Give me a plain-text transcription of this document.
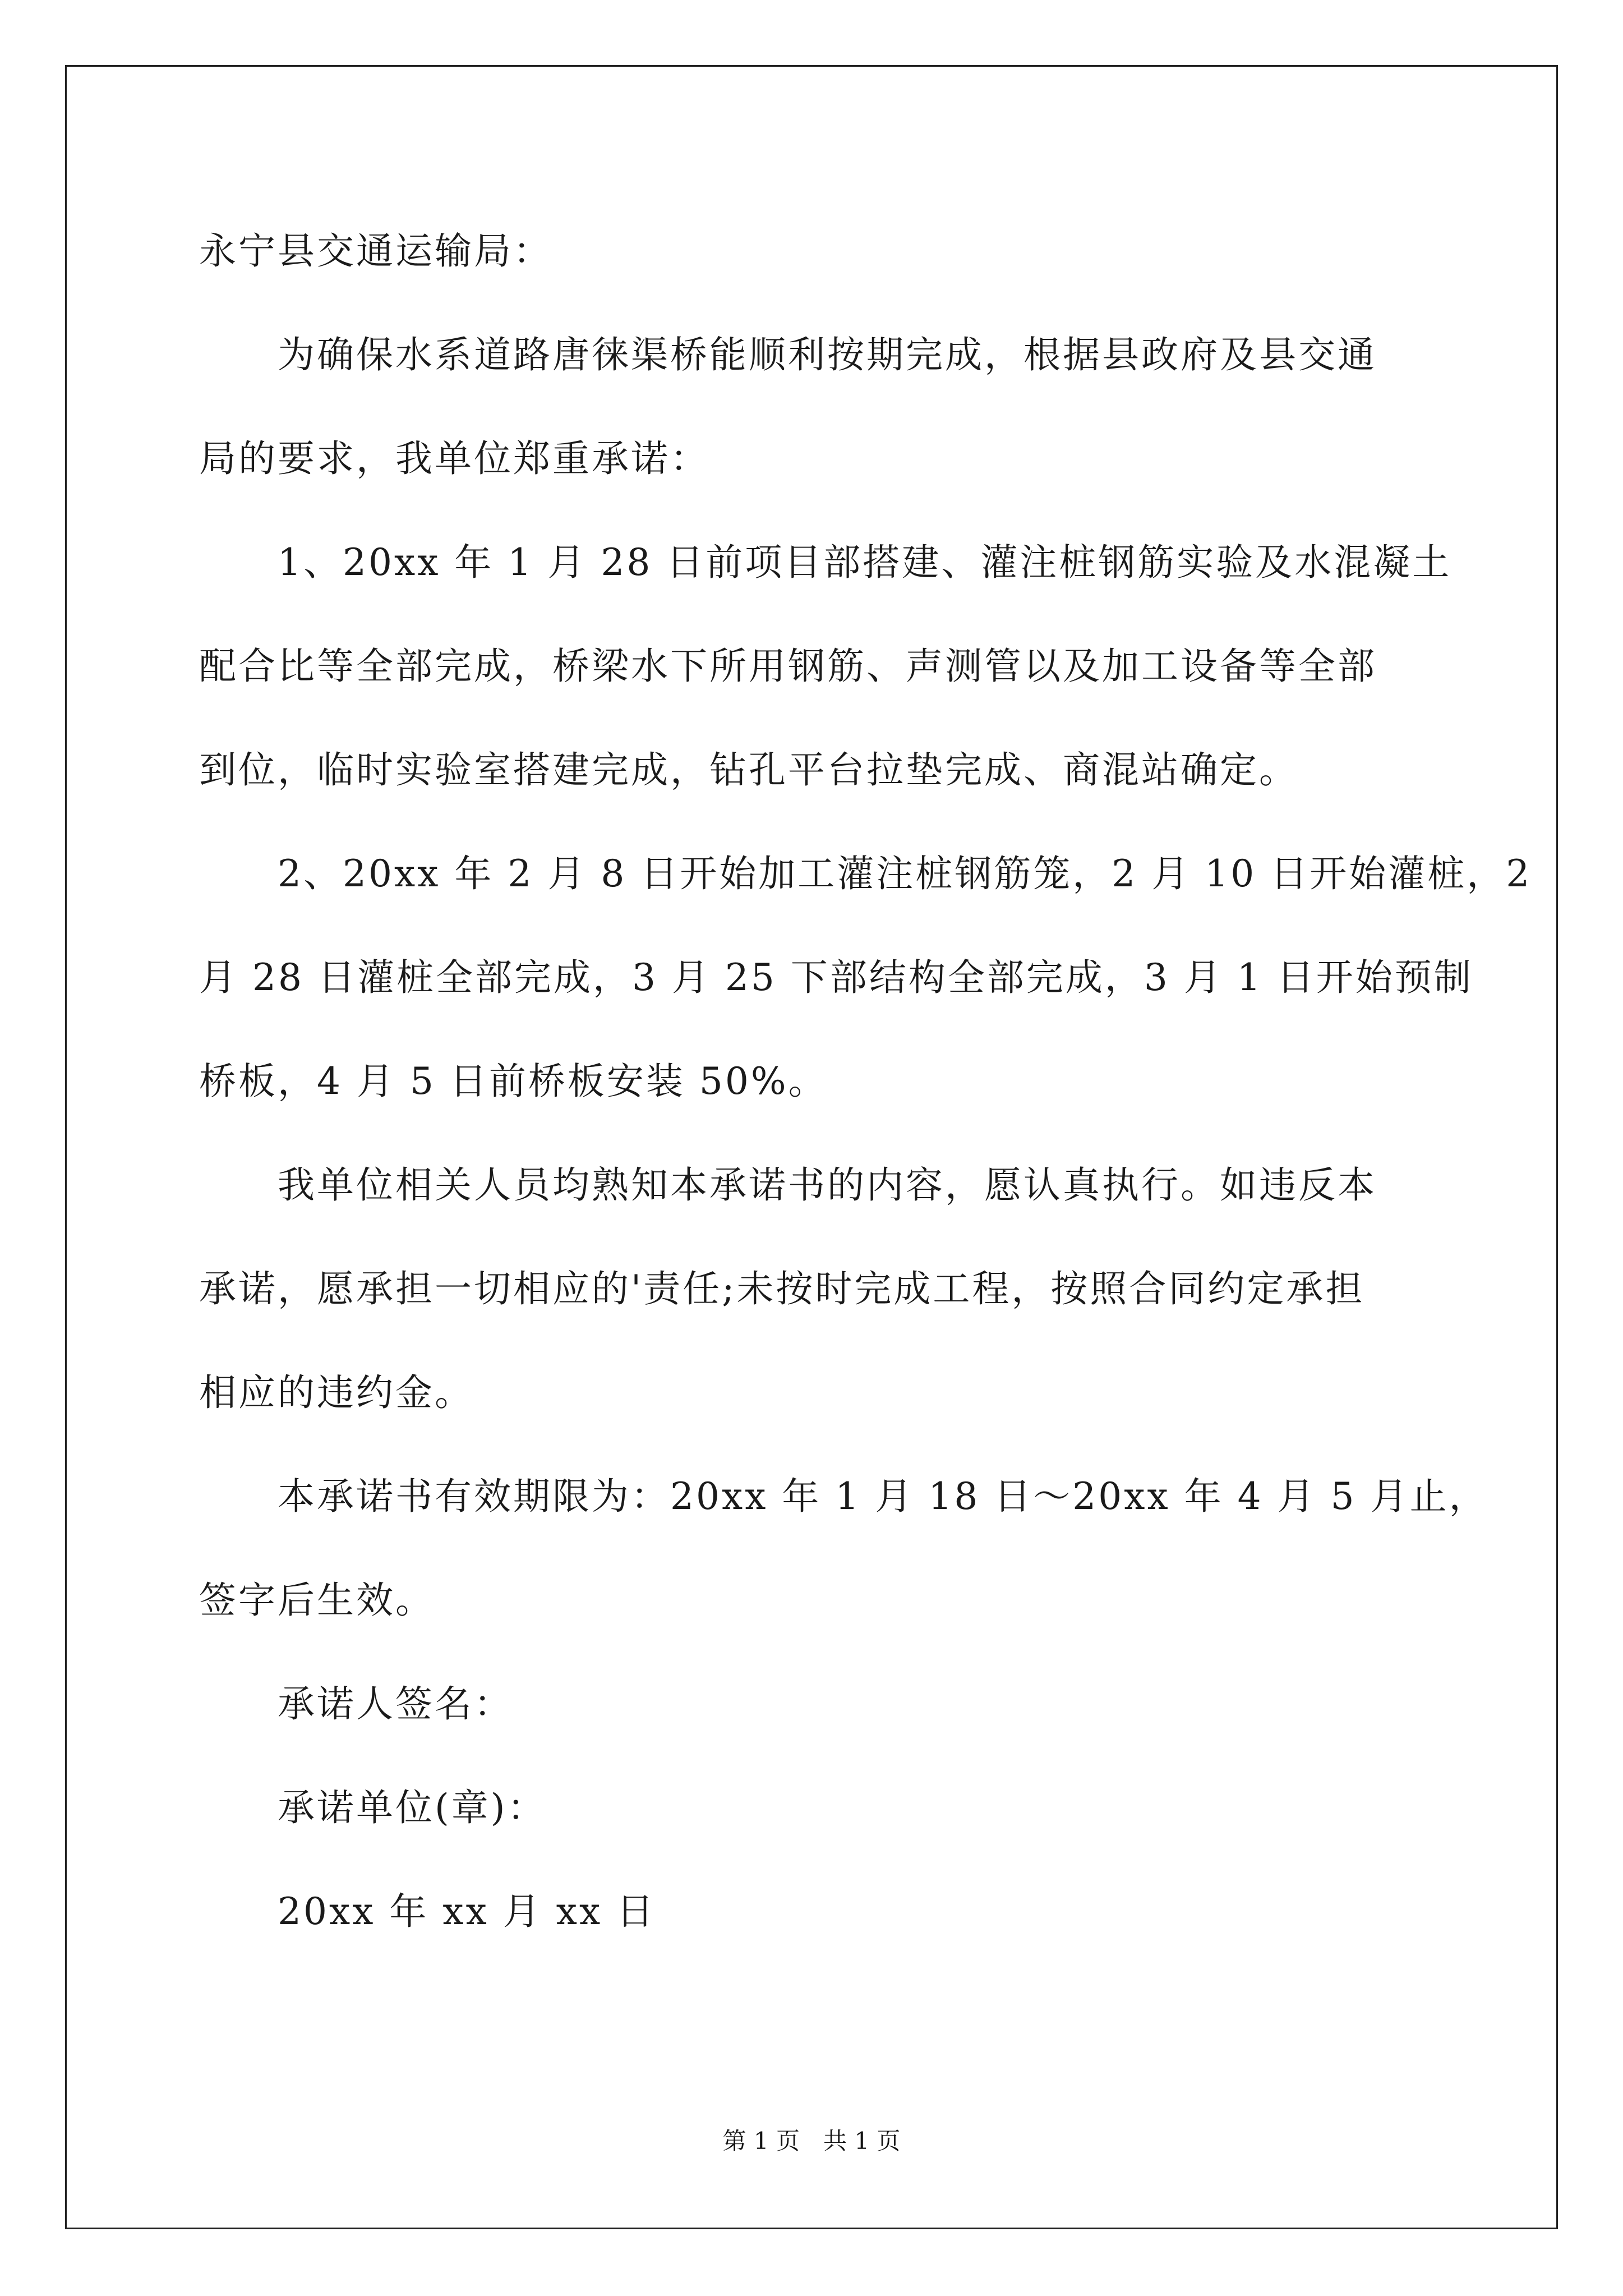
永宁县交通运输局：
为确保水系道路唐徕渠桥能顺利按期完成，根据县政府及县交通
局的要求，我单位郑重承诺：
1、20xx 年 1 月 28 日前项目部搭建、灌注桩钢筋实验及水混凝土
配合比等全部完成，桥梁水下所用钢筋、声测管以及加工设备等全部
到位，临时实验室搭建完成，钻孔平台拉垫完成、商混站确定。
2、20xx 年 2 月 8 日开始加工灌注桩钢筋笼，2 月 10 日开始灌桩，2
月 28 日灌桩全部完成，3 月 25 下部结构全部完成，3 月 1 日开始预制
桥板，4 月 5 日前桥板安装 50%。
我单位相关人员均熟知本承诺书的内容，愿认真执行。如违反本
承诺，愿承担一切相应的'责任;未按时完成工程，按照合同约定承担
相应的违约金。
本承诺书有效期限为：20xx 年 1 月 18 日～20xx 年 4 月 5 月止，
签字后生效。
承诺人签名：
承诺单位(章)：
20xx 年 xx 月 xx 日
第 1 页　共 1 页
